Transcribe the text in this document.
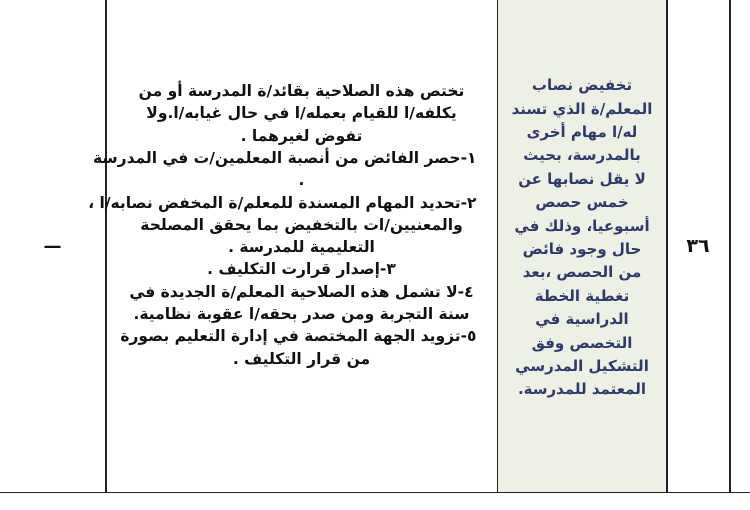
—
تختص هذه الصلاحية بقائد/ة المدرسة أو من
يكلفه/ا للقيام بعمله/ا في حال غيابه/ا.ولا
تفوض لغيرهما .
١-حصر الفائض من أنصبة المعلمين/ت في المدرسة
.
٢-تحديد المهام المسندة للمعلم/ة المخفض نصابه/ا ،
والمعنيين/ات بالتخفيض بما يحقق المصلحة
التعليمية للمدرسة .
٣-إصدار قرارت التكليف .
٤-لا تشمل هذه الصلاحية المعلم/ة الجديدة في
سنة التجربة ومن صدر بحقه/ا عقوبة نظامية.
٥-تزويد الجهة المختصة في إدارة التعليم بصورة
من قرار التكليف .
تخفيض نصاب
المعلم/ة الذي تسند
له/ا مهام أخرى
بالمدرسة، بحيث
لا يقل نصابها عن
خمس حصص
أسبوعيا، وذلك في
حال وجود فائض
من الحصص ،بعد
تغطية الخطة
الدراسية في
التخصص وفق
التشكيل المدرسي
المعتمد للمدرسة.
٣٦
